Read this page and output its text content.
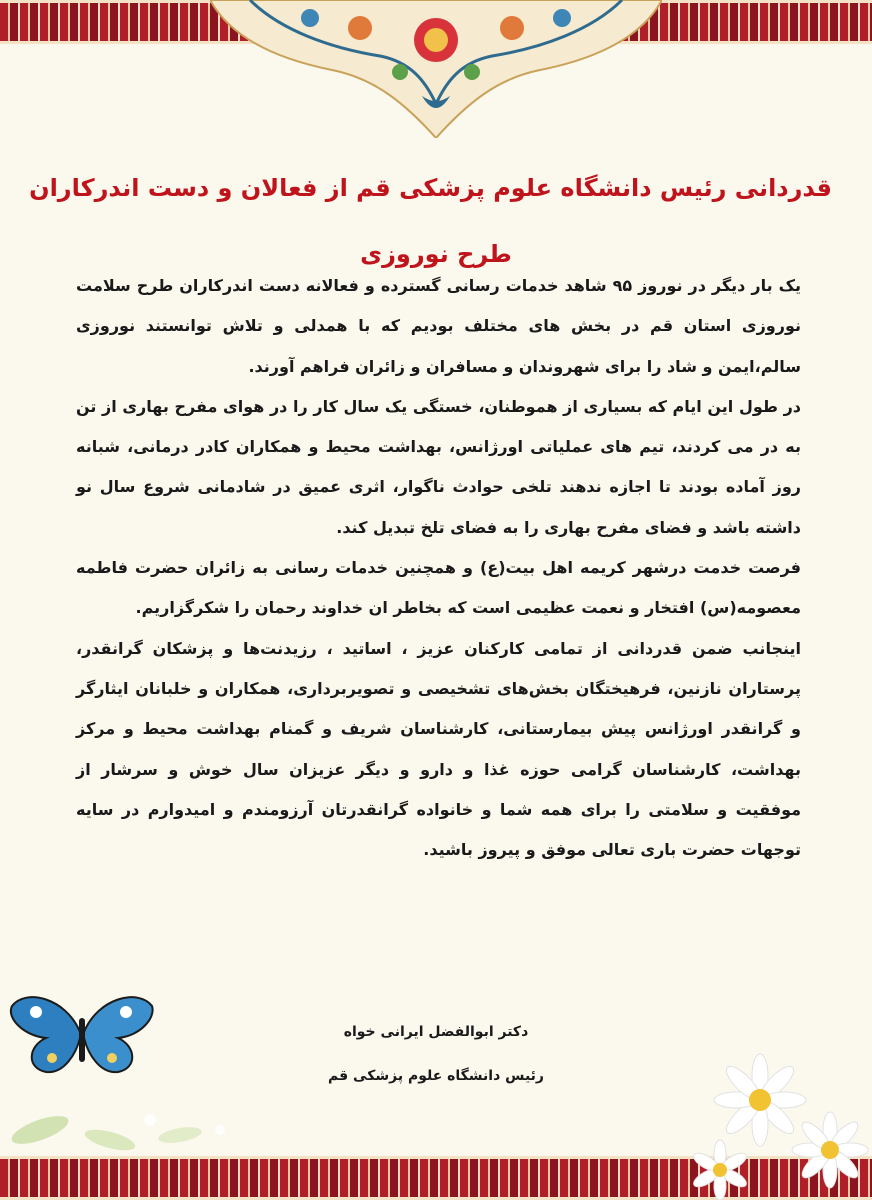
قدردانی رئیس دانشگاه علوم پزشکی قم از فعالان و دست اندرکاران

طرح نوروزی

یک بار دیگر در نوروز ۹۵ شاهد خدمات رسانی گسترده و فعالانه دست اندرکاران طرح سلامت نوروزی استان قم در بخش های مختلف بودیم که با همدلی و تلاش توانستند نوروزی سالم،ایمن و شاد را برای شهروندان و مسافران و زائران فراهم آورند.

در طول این ایام که بسیاری از هموطنان، خستگی یک سال کار را در هوای مفرح بهاری از تن به در می کردند، تیم های عملیاتی اورژانس، بهداشت محیط و همکاران کادر درمانی، شبانه روز آماده بودند تا اجازه ندهند تلخی حوادث ناگوار، اثری عمیق در شادمانی شروع سال نو داشته باشد و فضای مفرح بهاری را به فضای تلخ تبدیل کند.

فرصت خدمت درشهر کریمه اهل بیت(ع) و همچنین خدمات رسانی به زائران حضرت فاطمه معصومه(س) افتخار و نعمت عظیمی است که بخاطر ان خداوند رحمان را شکرگزاریم.

اینجانب ضمن قدردانی از تمامی کارکنان عزیز ، اساتید ، رزیدنت‌ها و پزشکان گرانقدر، پرستاران نازنین، فرهیختگان بخش‌های تشخیصی و تصویربرداری، همکاران و خلبانان ایثارگر و گرانقدر اورژانس پیش بیمارستانی، کارشناسان شریف و گمنام بهداشت محیط و مرکز بهداشت، کارشناسان گرامی حوزه غذا و دارو و دیگر عزیزان سال خوش و سرشار از موفقیت و سلامتی را برای همه شما و خانواده گرانقدرتان آرزومندم و امیدوارم در سایه توجهات حضرت باری تعالی موفق و پیروز باشید.

دکتر ابوالفضل ایرانی خواه

رئیس دانشگاه علوم پزشکی قم
